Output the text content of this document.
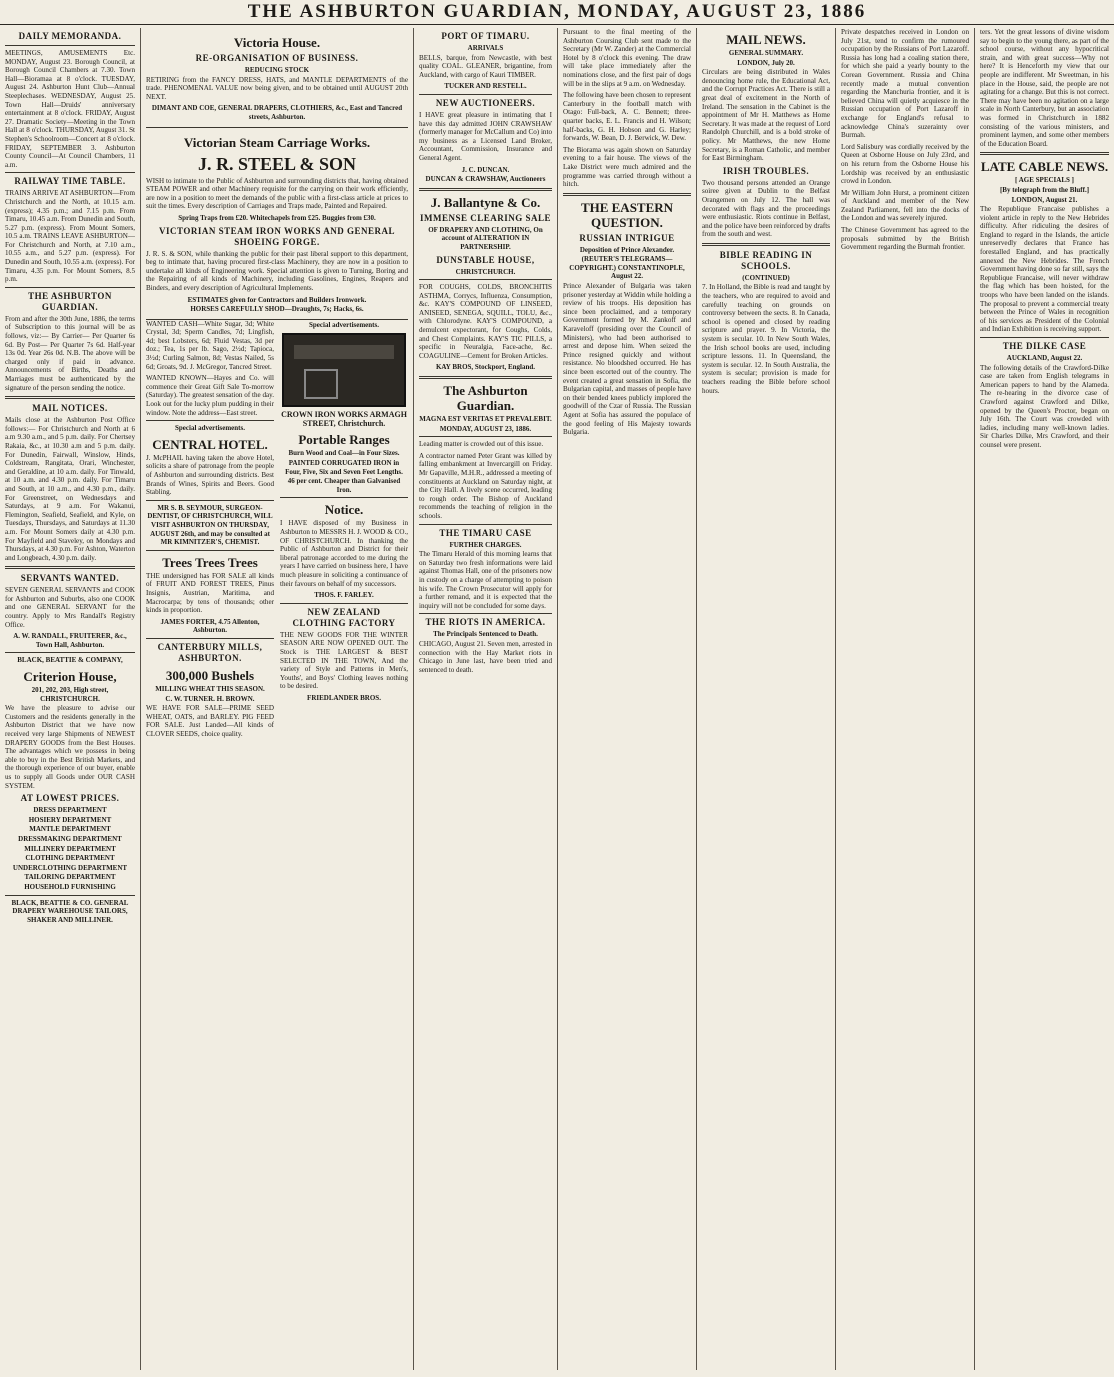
THE ASHBURTON GUARDIAN, MONDAY, AUGUST 23, 1886
DAILY MEMORANDA.

MEETINGS, AMUSEMENTS Etc. MONDAY, August 23. Borough Council, at Borough Council Chambers at 7.30. Town Hall—Bioramaa at 8 o'clock. TUESDAY, August 24. Ashburton Hunt Club—Annual Steeplechases. WEDNESDAY, August 25. Town Hall—Druids' anniversary entertainment at 8 o'clock. FRIDAY, August 27. Dramatic Society—Meeting in the Town Hall at 8 o'clock. THURSDAY, August 31. St Stephen's Schoolroom—Concert at 8 o'clock. FRIDAY, SEPTEMBER 3. Ashburton County Council—At Council Chambers, 11 a.m.

RAILWAY TIME TABLE.

TRAINS ARRIVE AT ASHBURTON—From Christchurch and the North, at 10.15 a.m. (express); 4.35 p.m.; and 7.15 p.m. From Timaru, 10.45 a.m. From Dunedin and South, 5.27 p.m. (express). From Mount Somers, 10.5 a.m. TRAINS LEAVE ASHBURTON—For Christchurch and North, at 7.10 a.m., 10.55 a.m., and 5.27 p.m. (express). For Dunedin and South, 10.55 a.m. (express). For Timaru, 4.35 p.m. For Mount Somers, 8.5 p.m.

THE ASHBURTON GUARDIAN.

From and after the 30th June, 1886, the terms of Subscription to this journal will be as follows, viz:— By Carrier— Per Quarter 6s 6d. By Post— Per Quarter 7s 6d. Half-year 13s 0d. Year 26s 0d. N.B. The above will be charged only if paid in advance. Announcements of Births, Deaths and Marriages must be authenticated by the signature of the person sending the notice.

MAIL NOTICES.

Mails close at the Ashburton Post Office follows:— For Christchurch and North at 6 a.m 9.30 a.m., and 5 p.m. daily. For Chertsey Rakaia, &c., at 10.30 a.m and 5 p.m. daily. For Dunedin, Fairwall, Winslow, Hinds, Coldstream, Rangitata, Orari, Winchester, and Geraldine, at 10 a.m. daily. For Tinwald, at 10 a.m. and 4.30 p.m. daily. For Timaru and South, at 10 a.m., and 4.30 p.m., daily. For Greenstreet, on Wednesdays and Saturdays, at 9 a.m. For Wakanui, Flemington, Seafield, Seafield, and Kyle, on Tuesdays, Thursdays, and Saturdays at 11.30 a.m. For Mount Somers daily at 4.30 p.m. For Mayfield and Staveley, on Mondays and Thursdays, at 4.30 p.m. For Ashton, Waterton and Longbeach, 4.30 p.m. daily.

SERVANTS WANTED.

SEVEN GENERAL SERVANTS and COOK for Ashburton and Suburbs, also one COOK and one GENERAL SERVANT for the country. Apply to Mrs Randall's Registry Office.

A. W. RANDALL, FRUITERER, &c., Town Hall, Ashburton.

BLACK, BEATTIE & COMPANY,
Criterion House,
201, 202, 203, High street, CHRISTCHURCH.

We have the pleasure to advise our Customers and the residents generally in the Ashburton District that we have now received very large Shipments of NEWEST DRAPERY GOODS from the Best Houses. The advantages which we possess in being able to buy in the Best British Markets, and the thorough experience of our buyer, enable us to supply all Goods under OUR CASH SYSTEM.

AT LOWEST PRICES.
DRESS DEPARTMENT
HOSIERY DEPARTMENT
MANTLE DEPARTMENT
DRESSMAKING DEPARTMENT
MILLINERY DEPARTMENT
CLOTHING DEPARTMENT
UNDERCLOTHING DEPARTMENT
TAILORING DEPARTMENT
HOUSEHOLD FURNISHING
BLACK, BEATTIE & CO. GENERAL DRAPERY WAREHOUSE TAILORS, SHAKER AND MILLINER.
Victoria House.
RE-ORGANISATION OF BUSINESS.
REDUCING STOCK

RETIRING from the FANCY DRESS, HATS, and MANTLE DEPARTMENTS of the trade. PHENOMENAL VALUE now being given, and to be obtained until AUGUST 20th NEXT.

DIMANT AND COE, GENERAL DRAPERS, CLOTHIERS, &c., East and Tancred streets, Ashburton.
Victorian Steam Carriage Works.
J. R. STEEL & SON

WISH to intimate to the Public of Ashburton and surrounding districts that, having obtained STEAM POWER and other Machinery requisite for the carrying on their work efficiently, are now in a position to meet the demands of the public with a first-class article at prices to suit the times. Every description of Carriages and Traps made, Painted and Repaired.

Spring Traps from £20. Whitechapels from £25. Buggies from £30.
VICTORIAN STEAM IRON WORKS AND GENERAL SHOEING FORGE.

J. R. S. & SON, while thanking the public for their past liberal support to this department, beg to intimate that, having procured first-class Machinery, they are now in a position to undertake all kinds of Engineering work. Special attention is given to Turning, Boring and the Repairing of all kinds of Machinery, including Gasolines, Engines, Reapers and Binders, and every description of Agricultural Implements.

ESTIMATES given for Contractors and Builders Ironwork.
HORSES CAREFULLY SHOD—Draughts, 7s; Hacks, 6s.

WANTED CASH—White Sugar, 3d; White Crystal, 3d; Sperm Candles, 7d; Lingfish, 4d; best Lobsters, 6d; Fluid Vestas, 3d per doz.; Tea, 1s per lb. Sago, 2½d; Tapioca, 3½d; Curling Salmon, 8d; Vestas Nailed, 5s 6d; Groats, 9d. J. McGregor, Tancred Street.

WANTED KNOWN—Hayes and Co. will commence their Great Gift Sale To-morrow (Saturday). The greatest sensation of the day. Look out for the lucky plum pudding in their window. Note the address—East street.

Special advertisements.
CENTRAL HOTEL.

J. McPHAIL having taken the above Hotel, solicits a share of patronage from the people of Ashburton and surrounding districts. Best Brands of Wines, Spirits and Beers. Good Stabling.

MR S. B. SEYMOUR, SURGEON-DENTIST, OF CHRISTCHURCH, WILL VISIT ASHBURTON ON THURSDAY, AUGUST 26th, and may be consulted at MR KIMNITZER'S, CHEMIST.

Trees Trees Trees

THE undersigned has FOR SALE all kinds of FRUIT AND FOREST TREES, Pinus Insignis, Austrian, Maritima, and Macrocarpa; by tens of thousands; other kinds in proportion.

JAMES FORTER, 4.75 Allenton, Ashburton.
CANTERBURY MILLS, ASHBURTON.
300,000 Bushels
MILLING WHEAT THIS SEASON.
C. W. TURNER. H. BROWN.

WE HAVE FOR SALE—PRIME SEED WHEAT, OATS, and BARLEY. PIG FEED FOR SALE. Just Landed—All kinds of CLOVER SEEDS, choice quality.

Special advertisements.
CROWN IRON WORKS ARMAGH STREET, Christchurch.
Portable Ranges
Burn Wood and Coal—in Four Sizes.
PAINTED CORRUGATED IRON in Four, Five, Six and Seven Feet Lengths.
46 per cent. Cheaper than Galvanised Iron.
Notice.

I HAVE disposed of my Business in Ashburton to MESSRS H. J. WOOD & CO., OF CHRISTCHURCH. In thanking the Public of Ashburton and District for their liberal patronage accorded to me during the years I have carried on business here, I have much pleasure in soliciting a continuance of their favours on behalf of my successors.

THOS. F. FARLEY.
NEW ZEALAND CLOTHING FACTORY

THE NEW GOODS FOR THE WINTER SEASON ARE NOW OPENED OUT. The Stock is THE LARGEST & BEST SELECTED IN THE TOWN, And the variety of Style and Patterns in Men's, Youths', and Boys' Clothing leaves nothing to be desired.

FRIEDLANDER BROS.
PORT OF TIMARU.
ARRIVALS

BELLS, barque, from Newcastle, with best quality COAL. GLEANER, brigantine, from Auckland, with cargo of Kauri TIMBER.

TUCKER AND RESTELL.
NEW AUCTIONEERS.

I HAVE great pleasure in intimating that I have this day admitted JOHN CRAWSHAW (formerly manager for McCallum and Co) into my business as a Licensed Land Broker, Accountant, Commission, Insurance and General Agent.

J. C. DUNCAN.
DUNCAN & CRAWSHAW, Auctioneers
J. Ballantyne & Co.
IMMENSE CLEARING SALE

OF DRAPERY AND CLOTHING, On account of ALTERATION IN PARTNERSHIP.

DUNSTABLE HOUSE,
CHRISTCHURCH.

FOR COUGHS, COLDS, BRONCHITIS ASTHMA, Corrycs, Influenza, Consumption, &c. KAY'S COMPOUND OF LINSEED, ANISEED, SENEGA, SQUILL, TOLU, &c., with Chlorodyne. KAY'S COMPOUND, a demulcent expectorant, for Coughs, Colds, and Chest Complaints. KAY'S TIC PILLS, a specific in Neuralgia, Face-ache, &c. COAGULINE—Cement for Broken Articles.

KAY BROS, Stockport, England.
The Ashburton Guardian.
MAGNA EST VERITAS ET PREVALEBIT.
MONDAY, AUGUST 23, 1886.

Leading matter is crowded out of this issue.

A contractor named Peter Grant was killed by falling embankment at Invercargill on Friday. Mr Gapaville, M.H.R., addressed a meeting of constituents at Auckland on Saturday night, at the City Hall. A lively scene occurred, leading to rough order. The Bishop of Auckland recommends the teaching of religion in the schools.

THE TIMARU CASE
FURTHER CHARGES.

The Timaru Herald of this morning learns that on Saturday two fresh informations were laid against Thomas Hall, one of the prisoners now in custody on a charge of attempting to poison his wife. The Crown Prosecutor will apply for a further remand, and it is expected that the inquiry will not be concluded for some days.

THE RIOTS IN AMERICA.
The Principals Sentenced to Death.

CHICAGO, August 21. Seven men, arrested in connection with the Hay Market riots in Chicago in June last, have been tried and sentenced to death.

Pursuant to the final meeting of the Ashburton Coursing Club sent made to the Secretary (Mr W. Zander) at the Commercial Hotel by 8 o'clock this evening. The draw will take place immediately after the nominations close, and the first pair of dogs will be in the slips at 9 a.m. on Wednesday.

The following have been chosen to represent Canterbury in the football match with Otago: Full-back, A. C. Bennett; three-quarter backs, E. L. Francis and H. Wilson; half-backs, G. H. Hobson and G. Harley; forwards, W. Bean, D. J. Berwick, W. Dew.

The Biorama was again shown on Saturday evening to a fair house. The views of the Lake District were much admired and the programme was carried through without a hitch.

THE EASTERN QUESTION.
RUSSIAN INTRIGUE
Deposition of Prince Alexander.
(REUTER'S TELEGRAMS—COPYRIGHT.) CONSTANTINOPLE, August 22.

Prince Alexander of Bulgaria was taken prisoner yesterday at Widdin while holding a review of his troops. His deposition has since been proclaimed, and a temporary Government formed by M. Zankoff and Karaveloff (presiding over the Council of Ministers), who had been authorised to arrest and depose him. When seized the Prince resigned quickly and without resistance. No bloodshed occurred. He has since been escorted out of the country. The event created a great sensation in Sofia, the Bulgarian capital, and masses of people have on their bended knees publicly implored the goodwill of the Czar of Russia. The Russian Agent at Sofia has assured the populace of the good feeling of His Majesty towards Bulgaria.

MAIL NEWS.
GENERAL SUMMARY.
LONDON, July 20.

Circulars are being distributed in Wales denouncing home rule, the Educational Act, and the Corrupt Practices Act. There is still a great deal of excitement in the North of Ireland. The sensation in the Cabinet is the appointment of Mr H. Matthews as Home Secretary. It was made at the request of Lord Randolph Churchill, and is a bold stroke of policy. Mr Matthews, the new Home Secretary, is a Roman Catholic, and member for East Birmingham.

IRISH TROUBLES.

Two thousand persons attended an Orange soiree given at Dublin to the Belfast Orangemen on July 12. The hall was decorated with flags and the proceedings were enthusiastic. Riots continue in Belfast, and the police have been reinforced by drafts from the south and west.

BIBLE READING IN SCHOOLS.
(CONTINUED)

7. In Holland, the Bible is read and taught by the teachers, who are required to avoid and carefully teaching on grounds on controversy between the sects. 8. In Canada, school is opened and closed by reading scripture and prayer. 9. In Victoria, the system is secular. 10. In New South Wales, the Irish school books are used, including scripture lessons. 11. In Queensland, the system is secular. 12. In South Australia, the system is secular; provision is made for teachers reading the Bible before school hours.

Private despatches received in London on July 21st, tend to confirm the rumoured occupation by the Russians of Port Lazaroff. Russia has long had a coaling station there, for which she paid a yearly bounty to the Corean Government. Russia and China recently made a mutual convention regarding the Manchuria frontier, and it is believed China will quietly acquiesce in the Russian occupation of Port Lazaroff in exchange for England's refusal to acknowledge China's suzerainty over Burmah.

Lord Salisbury was cordially received by the Queen at Osborne House on July 23rd, and on his return from the Osborne House his Lordship was received by an enthusiastic crowd in London.

Mr William John Hurst, a prominent citizen of Auckland and member of the New Zealand Parliament, fell into the docks of the London and was severely injured.

The Chinese Government has agreed to the proposals submitted by the British Government regarding the Burmah frontier.

ters. Yet the great lessons of divine wisdom say to begin to the young there, as part of the school course, without any hypocritical strain, and with great success—Why not here? It is Henceforth my view that our people are indifferent. Mr Sweetman, in his place in the House, said, the people are not agitating for a change. But this is not correct. There may have been no agitation on a large scale in North Canterbury, but an association was formed in Christchurch in 1882 consisting of the various ministers, and prominent laymen, and some other members of the Education Board.

LATE CABLE NEWS.
[ AGE SPECIALS ]
[By telegraph from the Bluff.]
LONDON, August 21.

The Republique Francaise publishes a violent article in reply to the New Hebrides difficulty. After ridiculing the desires of England to regard in the Islands, the article unreservedly declares that France has forestalled England, and has practically annexed the New Hebrides. The French Government having done so far still, says the Republique Francaise, will never withdraw the flag which has been hoisted, for the troops who have been landed on the islands. The proposal to prevent a commercial treaty between the Prince of Wales in recognition of his services as President of the Colonial and Indian Exhibition is receiving support.

THE DILKE CASE
AUCKLAND, August 22.

The following details of the Crawford-Dilke case are taken from English telegrams in American papers to hand by the Alameda. The re-hearing in the divorce case of Crawford against Crawford and Dilke, opened by the Queen's Proctor, began on July 16th. The Court was crowded with ladies, including many well-known ladies. Sir Charles Dilke, Mrs Crawford, and their counsel were present.
